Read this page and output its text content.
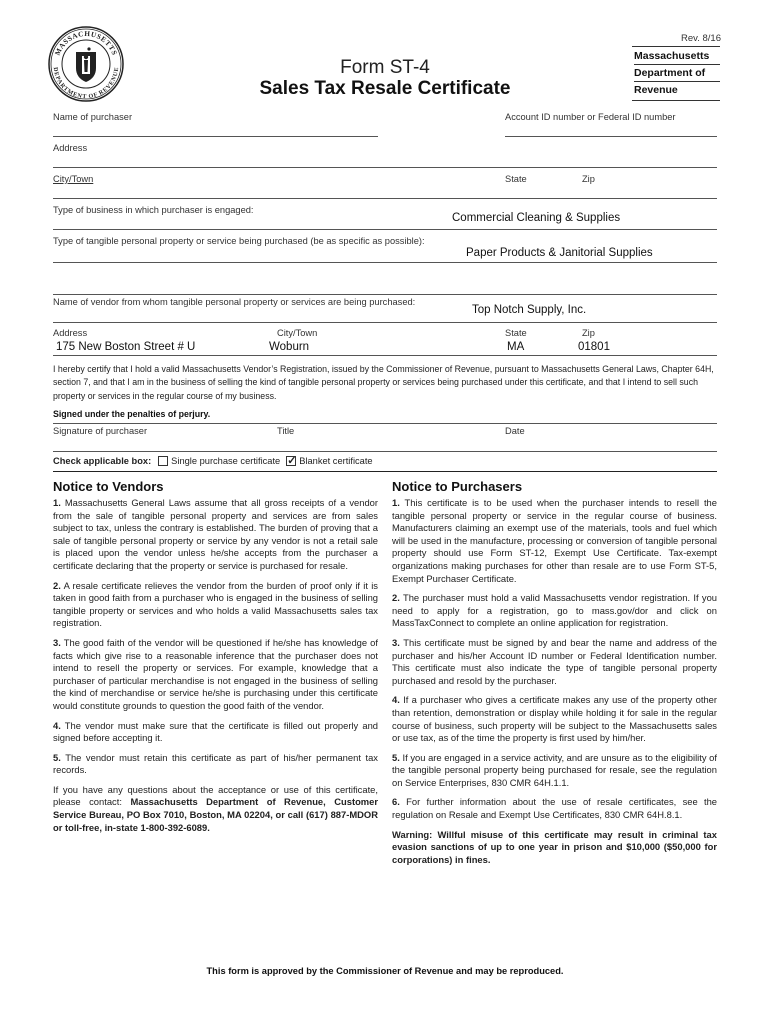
MASSACHUSETTS
DEPARTMENT OF REVENUE
Rev. 8/16
Massachusetts
Department of
Revenue
Form ST-4
Sales Tax Resale Certificate
Name of purchaser	Account ID number or Federal ID number
Address
City/Town	State	Zip
Type of business in which purchaser is engaged:
Commercial Cleaning & Supplies
Type of tangible personal property or service being purchased (be as specific as possible):
Paper Products & Janitorial Supplies
Name of vendor from whom tangible personal property or services are being purchased:
Top Notch Supply, Inc.
Address	City/Town	State	Zip
175 New Boston Street # U	Woburn	MA	01801
I hereby certify that I hold a valid Massachusetts Vendor’s Registration, issued by the Commissioner of Revenue, pursuant to Massachusetts General Laws, Chapter 64H, section 7, and that I am in the business of selling the kind of tangible personal property or services being purchased under this certificate, and that I intend to sell such property or services in the regular course of my business.
Signed under the penalties of perjury.
Signature of purchaser	Title	Date
Check applicable box: Single purchase certificate ✓ Blanket certificate
Notice to Vendors

1. Massachusetts General Laws assume that all gross receipts of a vendor from the sale of tangible personal property and services are from sales subject to tax, unless the contrary is established. The burden of proving that a sale of tangible personal property or service by any vendor is not a retail sale is placed upon the vendor unless he/she accepts from the purchaser a certificate declaring that the property or service is purchased for resale.

2. A resale certificate relieves the vendor from the burden of proof only if it is taken in good faith from a purchaser who is engaged in the business of selling tangible property or services and who holds a valid Massachusetts sales tax registration.

3. The good faith of the vendor will be questioned if he/she has knowledge of facts which give rise to a reasonable inference that the purchaser does not intend to resell the property or services. For example, knowledge that a purchaser of particular merchandise is not engaged in the business of selling the kind of merchandise or service he/she is purchasing under this certificate would constitute grounds to question the good faith of the vendor.

4. The vendor must make sure that the certificate is filled out properly and signed before accepting it.

5. The vendor must retain this certificate as part of his/her permanent tax records.

If you have any questions about the acceptance or use of this certificate, please contact: Massachusetts Department of Revenue, Customer Service Bureau, PO Box 7010, Boston, MA 02204, or call (617) 887-MDOR or toll-free, in-state 1-800-392-6089.

Notice to Purchasers

1. This certificate is to be used when the purchaser intends to resell the tangible personal property or service in the regular course of business. Manufacturers claiming an exempt use of the materials, tools and fuel which will be used in the manufacture, processing or conversion of tangible personal property should use Form ST-12, Exempt Use Certificate. Tax-exempt organizations making purchases for other than resale are to use Form ST-5, Exempt Purchaser Certificate.

2. The purchaser must hold a valid Massachusetts vendor registration. If you need to apply for a registration, go to mass.gov/dor and click on MassTaxConnect to complete an online application for registration.

3. This certificate must be signed by and bear the name and address of the purchaser and his/her Account ID number or Federal Identification number. This certificate must also indicate the type of tangible personal property purchased and resold by the purchaser.

4. If a purchaser who gives a certificate makes any use of the property other than retention, demonstration or display while holding it for sale in the regular course of business, such property will be subject to the Massachusetts sales or use tax, as of the time the property is first used by him/her.

5. If you are engaged in a service activity, and are unsure as to the eligibility of the tangible personal property being purchased for resale, see the regulation on Service Enterprises, 830 CMR 64H.1.1.

6. For further information about the use of resale certificates, see the regulation on Resale and Exempt Use Certificates, 830 CMR 64H.8.1.

Warning: Willful misuse of this certificate may result in criminal tax evasion sanctions of up to one year in prison and $10,000 ($50,000 for corporations) in fines.

This form is approved by the Commissioner of Revenue and may be reproduced.
